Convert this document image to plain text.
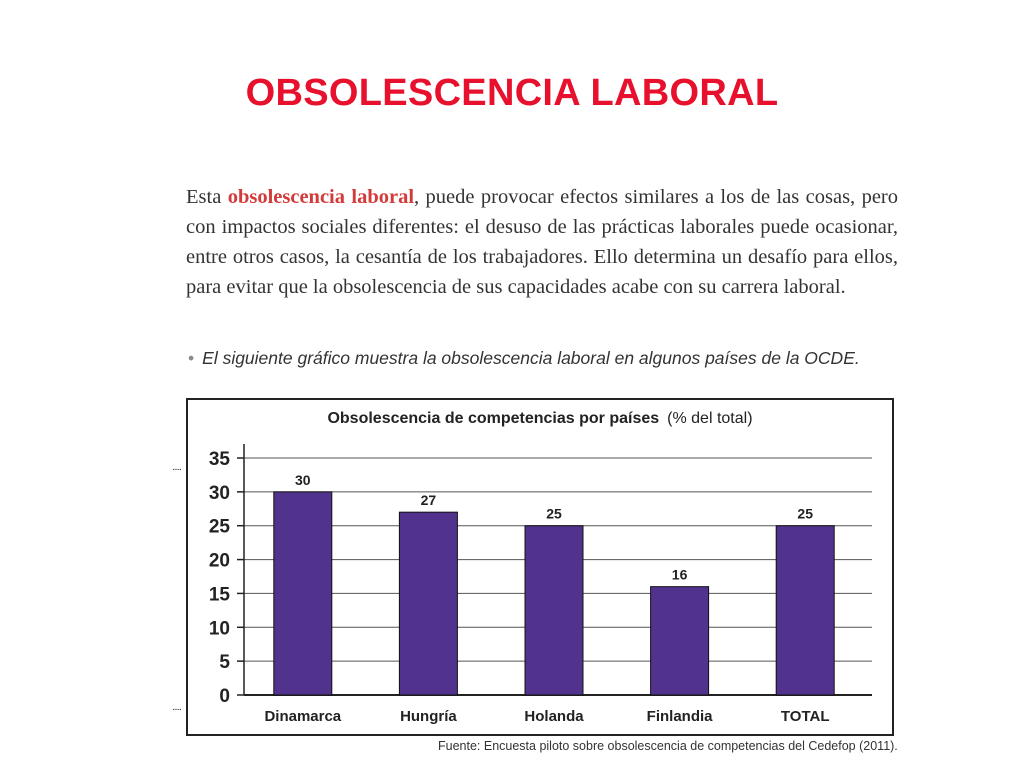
OBSOLESCENCIA LABORAL
Esta obsolescencia laboral, puede provocar efectos similares a los de las cosas, pero con impactos sociales diferentes: el desuso de las prácticas laborales puede ocasionar, entre otros casos, la cesantía de los trabajadores. Ello determina un desafío para ellos, para evitar que la obsolescencia de sus capacidades acabe con su carrera laboral.
• El siguiente gráfico muestra la obsolescencia laboral en algunos países de la OCDE.
.....
.....
Obsolescencia de competencias por países (% del total)
0
5
10
15
20
25
30
35
30
Dinamarca
27
Hungría
25
Holanda
16
Finlandia
25
TOTAL
Fuente: Encuesta piloto sobre obsolescencia de competencias del Cedefop (2011).
